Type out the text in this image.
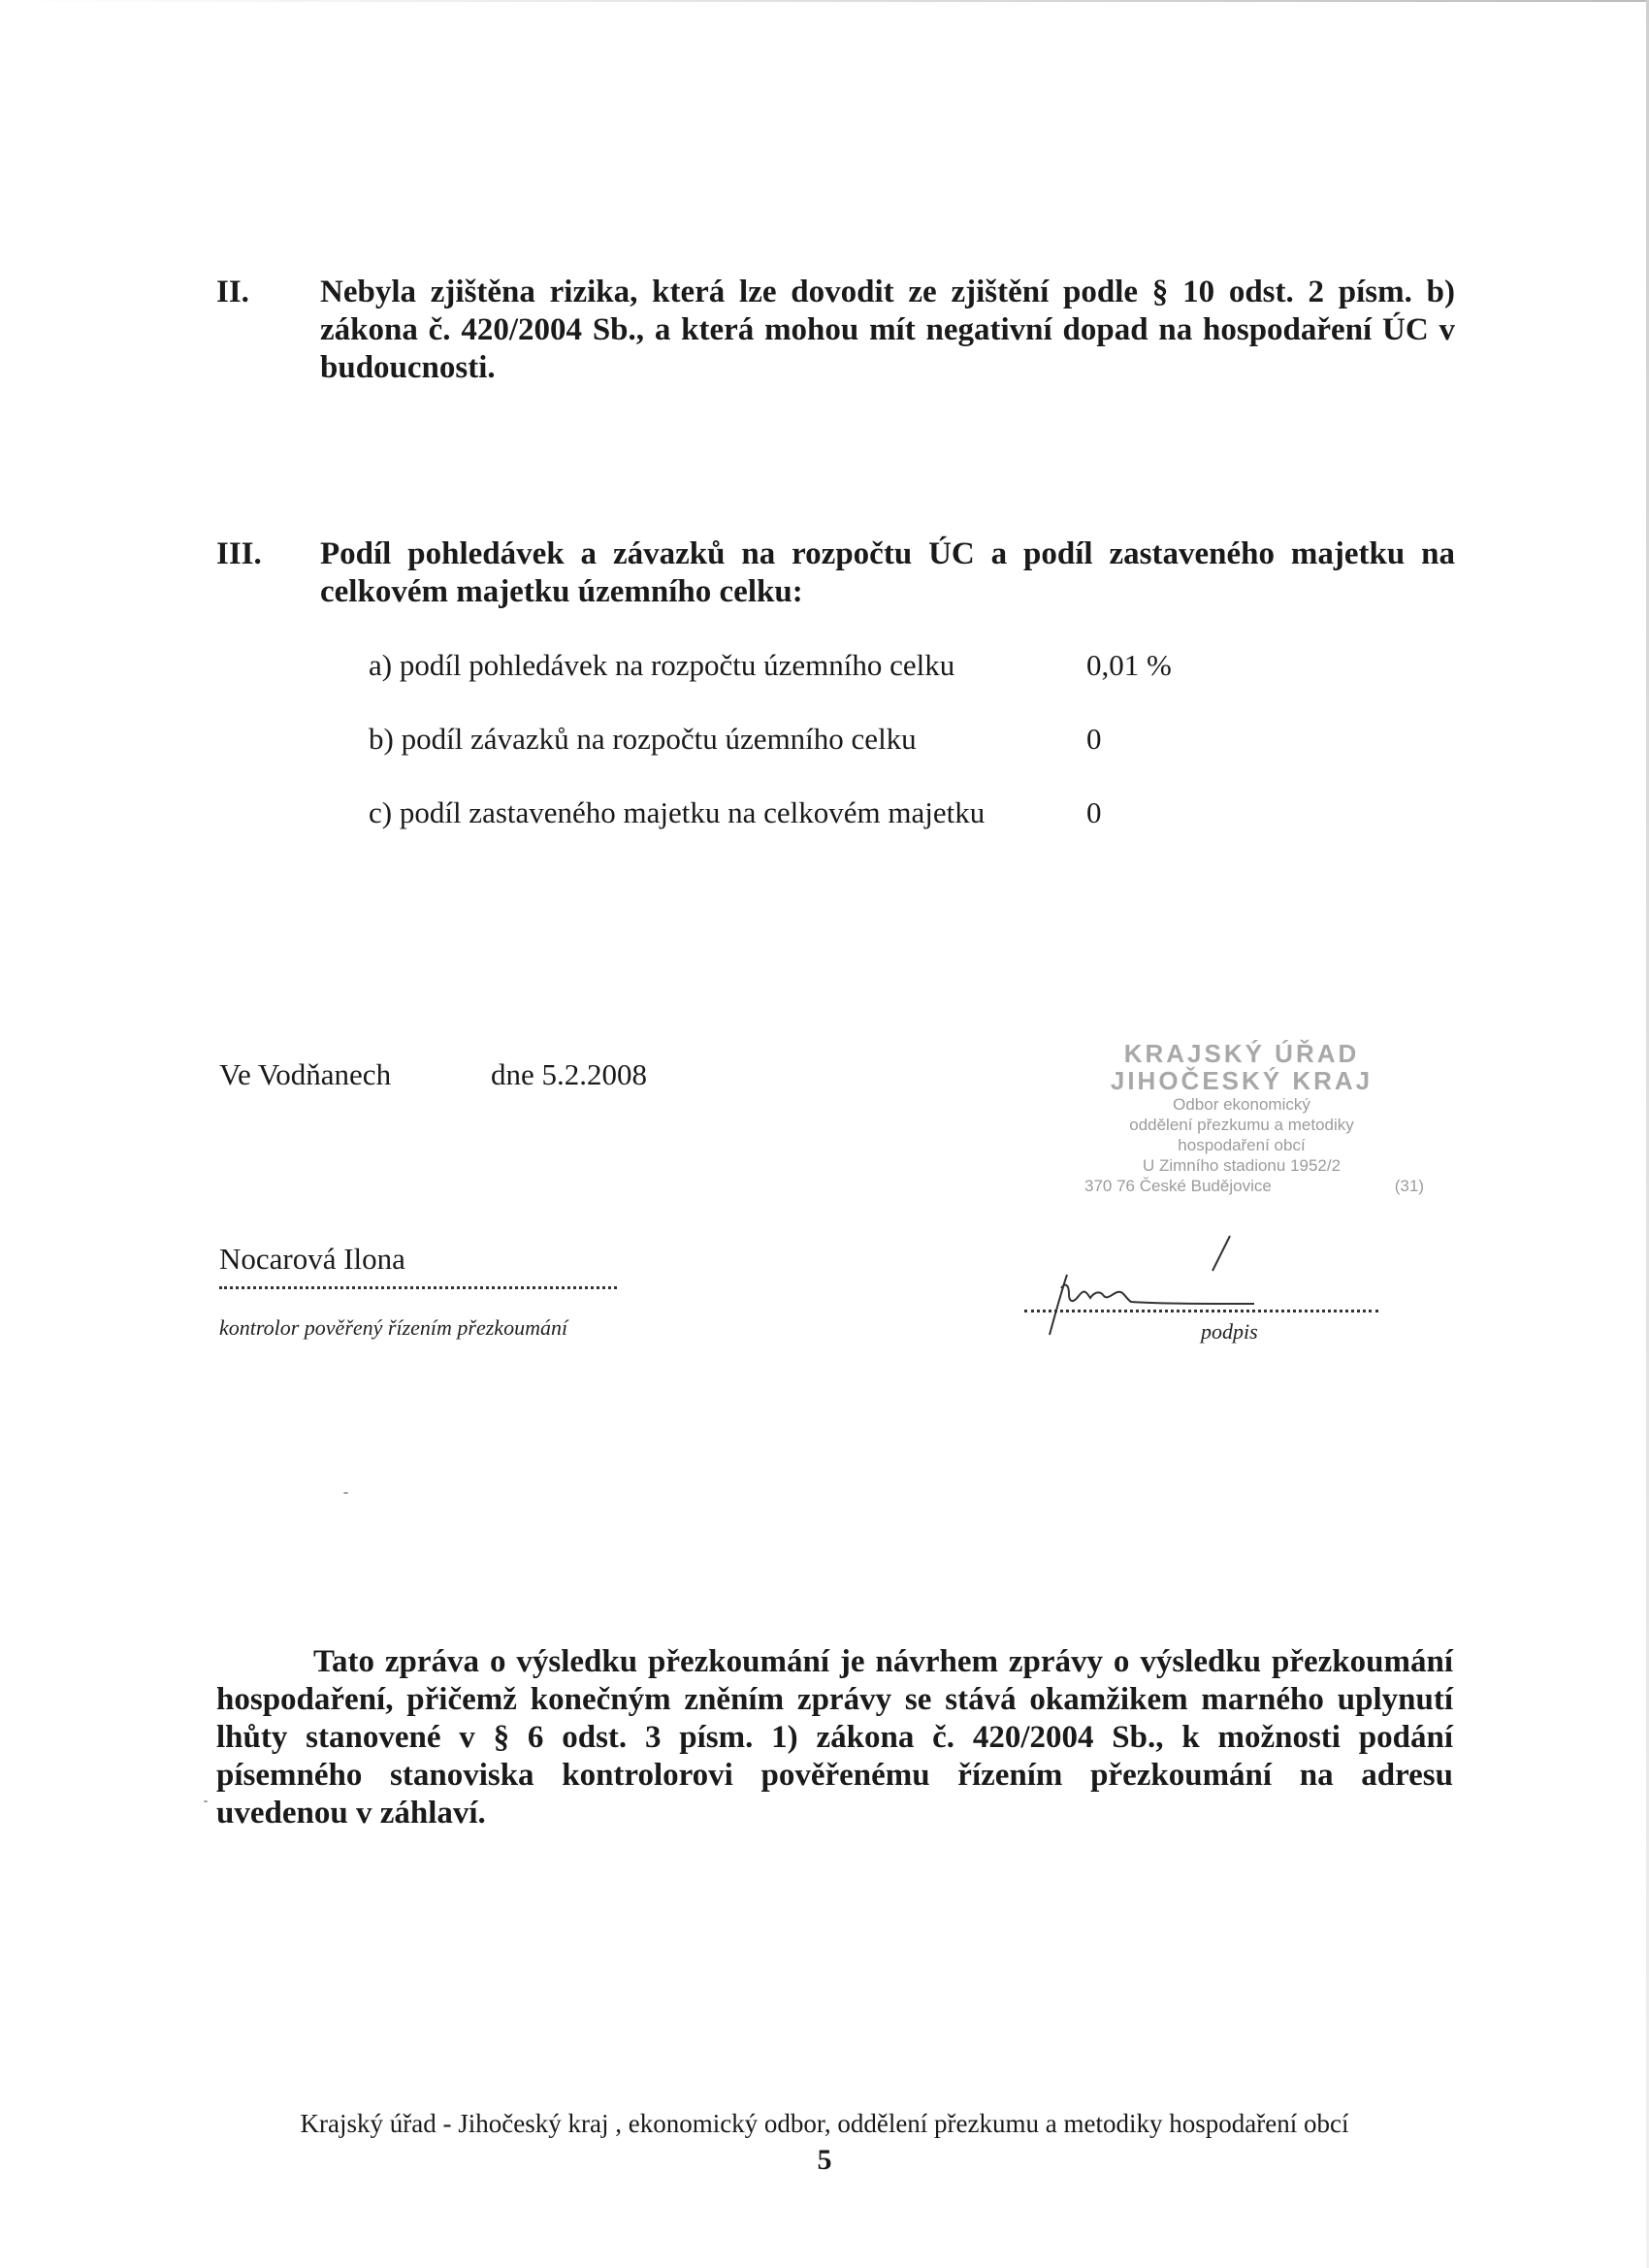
II. Nebyla zjištěna rizika, která lze dovodit ze zjištění podle § 10 odst. 2 písm. b) zákona č. 420/2004 Sb., a která mohou mít negativní dopad na hospodaření ÚC v budoucnosti.
III. Podíl pohledávek a závazků na rozpočtu ÚC a podíl zastaveného majetku na celkovém majetku územního celku:
a) podíl pohledávek na rozpočtu územního celku	0,01 %
b) podíl závazků na rozpočtu územního celku	0
c) podíl zastaveného majetku na celkovém majetku	0
Ve Vodňanech	dne 5.2.2008
KRAJSKÝ ÚŘAD
JIHOČESKÝ KRAJ
Odbor ekonomický
oddělení přezkumu a metodiky
hospodaření obcí
U Zimního stadionu 1952/2
370 76 České Budějovice	(31)
Nocarová Ilona
kontrolor pověřený řízením přezkoumání	podpis
Tato zpráva o výsledku přezkoumání je návrhem zprávy o výsledku přezkoumání hospodaření, přičemž konečným zněním zprávy se stává okamžikem marného uplynutí lhůty stanovené v § 6 odst. 3 písm. 1) zákona č. 420/2004 Sb., k možnosti podání písemného stanoviska kontrolorovi pověřenému řízením přezkoumání na adresu uvedenou v záhlaví.
Krajský úřad - Jihočeský kraj , ekonomický odbor, oddělení přezkumu a metodiky hospodaření obcí
5
